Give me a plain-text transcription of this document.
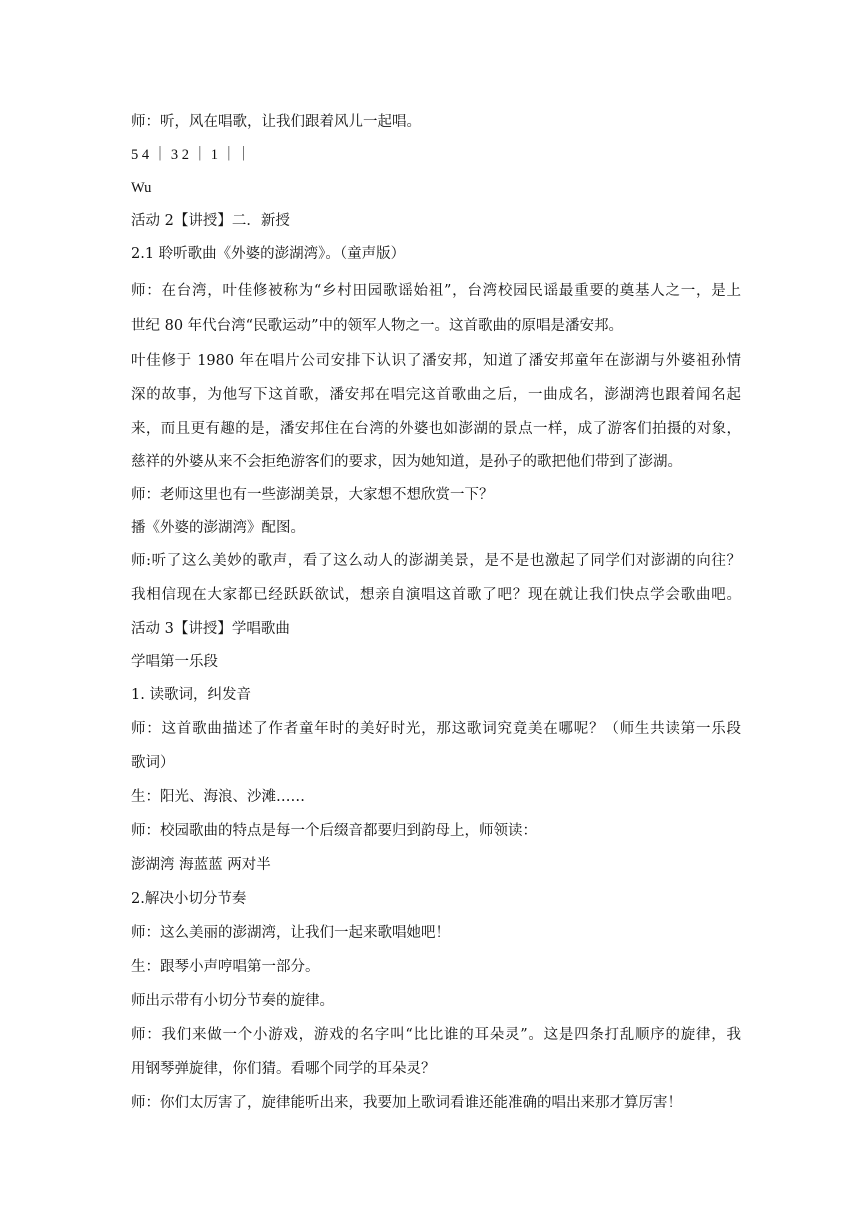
师：听，风在唱歌，让我们跟着风儿一起唱。
5 4 ｜ 3 2 ｜ 1 ｜｜
Wu
活动 2【讲授】二．新授
2.1 聆听歌曲《外婆的澎湖湾》。（童声版）
师：在台湾，叶佳修被称为“乡村田园歌谣始祖”，台湾校园民谣最重要的奠基人之一，是上
世纪 80 年代台湾“民歌运动”中的领军人物之一。这首歌曲的原唱是潘安邦。
叶佳修于 1980 年在唱片公司安排下认识了潘安邦，知道了潘安邦童年在澎湖与外婆祖孙情
深的故事，为他写下这首歌，潘安邦在唱完这首歌曲之后，一曲成名，澎湖湾也跟着闻名起
来，而且更有趣的是，潘安邦住在台湾的外婆也如澎湖的景点一样，成了游客们拍摄的对象，
慈祥的外婆从来不会拒绝游客们的要求，因为她知道，是孙子的歌把他们带到了澎湖。
师：老师这里也有一些澎湖美景，大家想不想欣赏一下？
播《外婆的澎湖湾》配图。
师:听了这么美妙的歌声，看了这么动人的澎湖美景，是不是也激起了同学们对澎湖的向往？
我相信现在大家都已经跃跃欲试，想亲自演唱这首歌了吧？现在就让我们快点学会歌曲吧。
活动 3【讲授】学唱歌曲
学唱第一乐段
1. 读歌词，纠发音
师：这首歌曲描述了作者童年时的美好时光，那这歌词究竟美在哪呢？（师生共读第一乐段
歌词）
生：阳光、海浪、沙滩……
师：校园歌曲的特点是每一个后缀音都要归到韵母上，师领读：
澎湖湾 海蓝蓝 两对半
2.解决小切分节奏
师：这么美丽的澎湖湾，让我们一起来歌唱她吧！
生：跟琴小声哼唱第一部分。
师出示带有小切分节奏的旋律。
师：我们来做一个小游戏，游戏的名字叫“比比谁的耳朵灵”。这是四条打乱顺序的旋律，我
用钢琴弹旋律，你们猜。看哪个同学的耳朵灵？
师：你们太厉害了，旋律能听出来，我要加上歌词看谁还能准确的唱出来那才算厉害！
